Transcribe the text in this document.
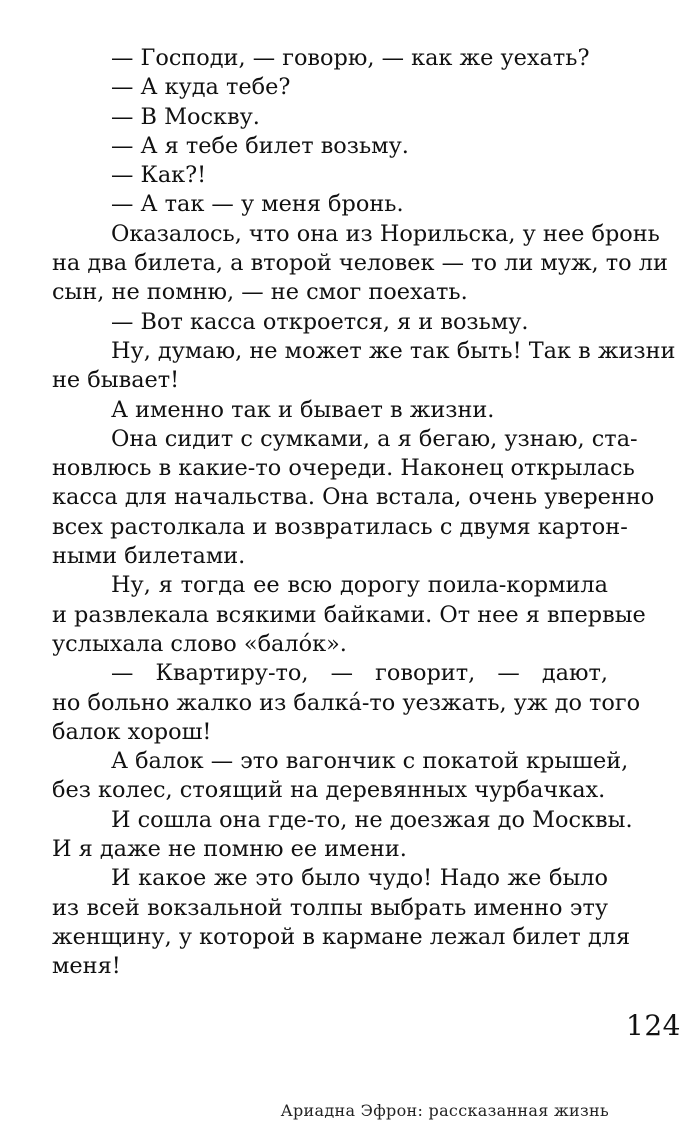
— Господи, — говорю, — как же уехать?
— А куда тебе?
— В Москву.
— А я тебе билет возьму.
— Как?!
— А так — у меня бронь.
Оказалось, что она из Норильска, у нее бронь
на два билета, а второй человек — то ли муж, то ли
сын, не помню, — не смог поехать.
— Вот касса откроется, я и возьму.
Ну, думаю, не может же так быть! Так в жизни
не бывает!
А именно так и бывает в жизни.
Она сидит с сумками, а я бегаю, узнаю, ста-
новлюсь в какие-то очереди. Наконец открылась
касса для начальства. Она встала, очень уверенно
всех растолкала и возвратилась с двумя картон-
ными билетами.
Ну, я тогда ее всю дорогу поила-кормила
и развлекала всякими байками. От нее я впервые
услыхала слово «бало́к».
— Квартиру-то, — говорит, — дают,
но больно жалко из балка́-то уезжать, уж до того
балок хорош!
А балок — это вагончик с покатой крышей,
без колес, стоящий на деревянных чурбачках.
И сошла она где-то, не доезжая до Москвы.
И я даже не помню ее имени.
И какое же это было чудо! Надо же было
из всей вокзальной толпы выбрать именно эту
женщину, у которой в кармане лежал билет для
меня!
124
Ариадна Эфрон: рассказанная жизнь
